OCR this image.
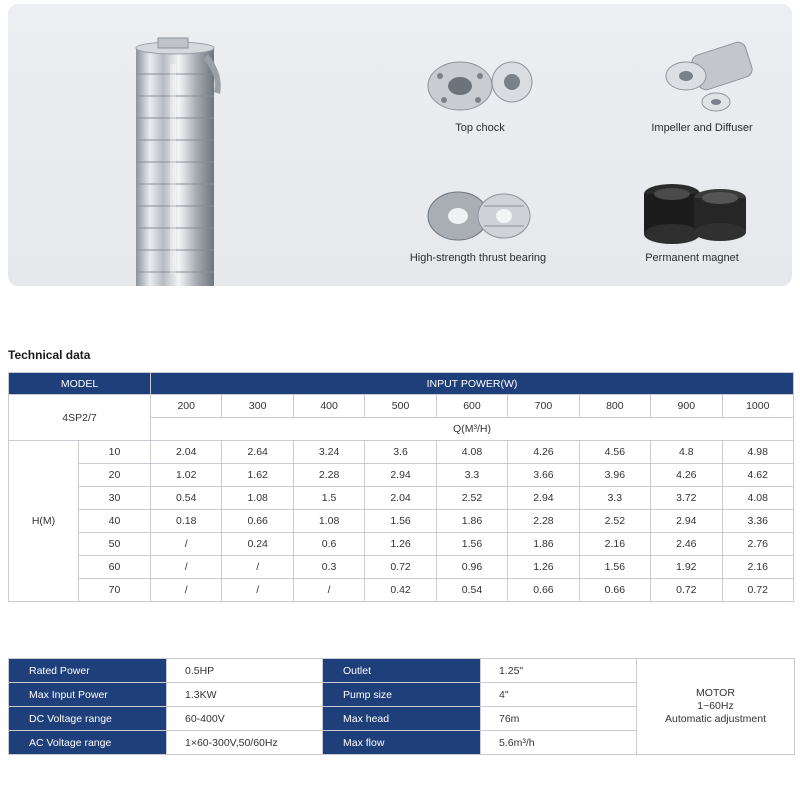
Top chock	Impeller and Diffuser
High-strength thrust bearing	Permanent magnet
Technical data
MODEL		INPUT POWER(W)								
4SP2/7		200	300	400	500	600	700	800	900	1000
		Q(M³/H)								
H(M)	10	2.04	2.64	3.24	3.6	4.08	4.26	4.56	4.8	4.98
	20	1.02	1.62	2.28	2.94	3.3	3.66	3.96	4.26	4.62
	30	0.54	1.08	1.5	2.04	2.52	2.94	3.3	3.72	4.08
	40	0.18	0.66	1.08	1.56	1.86	2.28	2.52	2.94	3.36
	50	/	0.24	0.6	1.26	1.56	1.86	2.16	2.46	2.76
	60	/	/	0.3	0.72	0.96	1.26	1.56	1.92	2.16
	70	/	/	/	0.42	0.54	0.66	0.66	0.72	0.72
Rated Power	0.5HP	Outlet	1.25"	MOTOR
1~60Hz
Automatic adjustment

Max Input Power	1.3KW	Pump size	4"	
DC Voltage range	60-400V	Max head	76m	
AC Voltage range	1×60-300V,50/60Hz	Max flow	5.6m³/h	
